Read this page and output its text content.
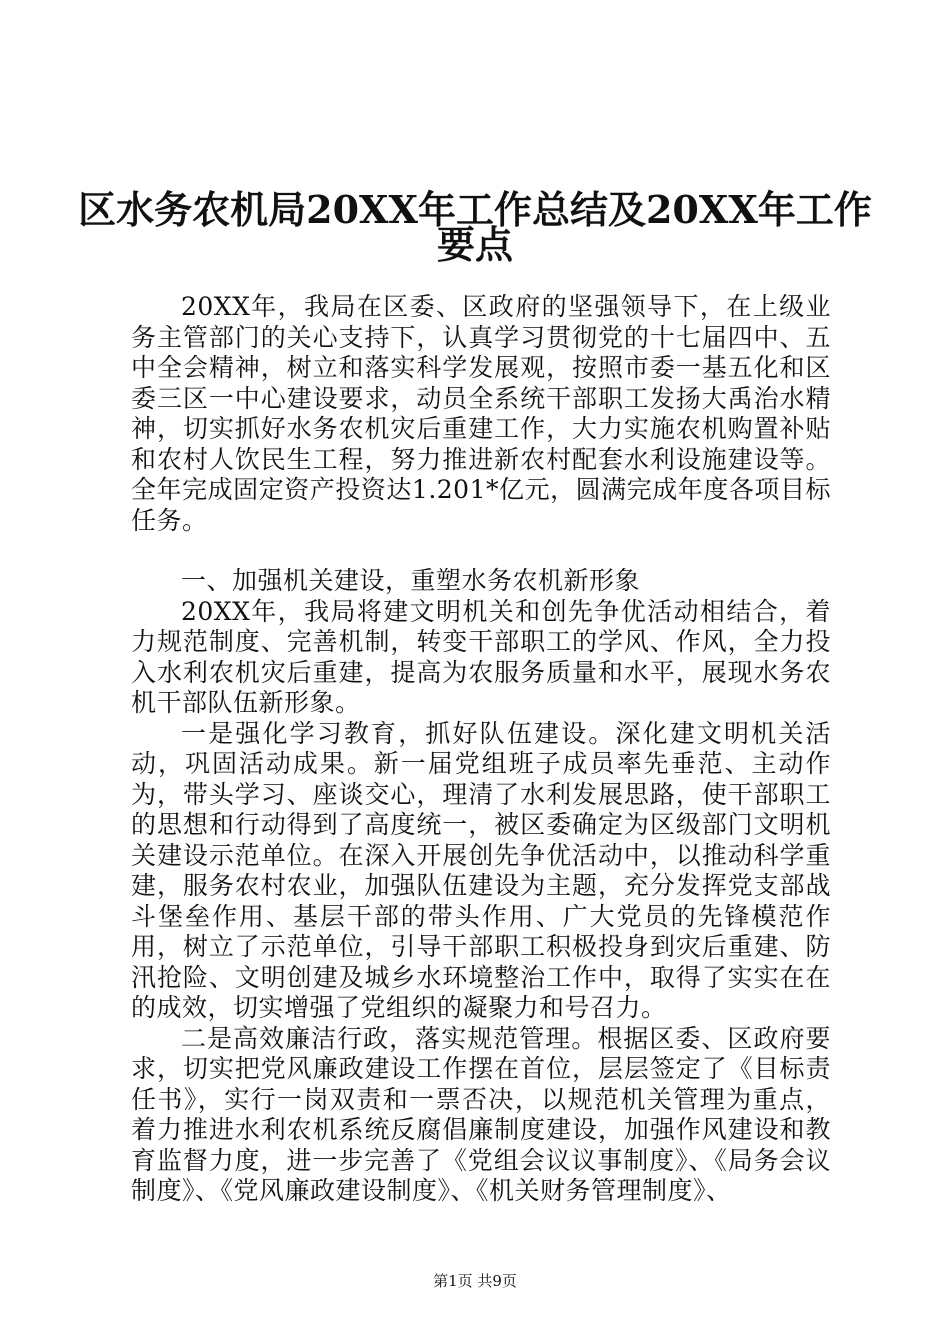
区水务农机局20XX年工作总结及20XX年工作
要点

20XX年，我局在区委、区政府的坚强领导下，在上级业务主管部门的关心支持下，认真学习贯彻党的十七届四中、五中全会精神，树立和落实科学发展观，按照市委一基五化和区委三区一中心建设要求，动员全系统干部职工发扬大禹治水精神，切实抓好水务农机灾后重建工作，大力实施农机购置补贴和农村人饮民生工程，努力推进新农村配套水利设施建设等。全年完成固定资产投资达1.201*亿元，圆满完成年度各项目标任务。

一、加强机关建设，重塑水务农机新形象

20XX年，我局将建文明机关和创先争优活动相结合，着力规范制度、完善机制，转变干部职工的学风、作风，全力投入水利农机灾后重建，提高为农服务质量和水平，展现水务农机干部队伍新形象。

一是强化学习教育，抓好队伍建设。深化建文明机关活动，巩固活动成果。新一届党组班子成员率先垂范、主动作为，带头学习、座谈交心，理清了水利发展思路，使干部职工的思想和行动得到了高度统一，被区委确定为区级部门文明机关建设示范单位。在深入开展创先争优活动中，以推动科学重建，服务农村农业，加强队伍建设为主题，充分发挥党支部战斗堡垒作用、基层干部的带头作用、广大党员的先锋模范作用，树立了示范单位，引导干部职工积极投身到灾后重建、防汛抢险、文明创建及城乡水环境整治工作中，取得了实实在在的成效，切实增强了党组织的凝聚力和号召力。

二是高效廉洁行政，落实规范管理。根据区委、区政府要求，切实把党风廉政建设工作摆在首位，层层签定了《目标责任书》，实行一岗双责和一票否决，以规范机关管理为重点，着力推进水利农机系统反腐倡廉制度建设，加强作风建设和教育监督力度，进一步完善了《党组会议议事制度》、《局务会议制度》、《党风廉政建设制度》、《机关财务管理制度》、

第1页 共9页
